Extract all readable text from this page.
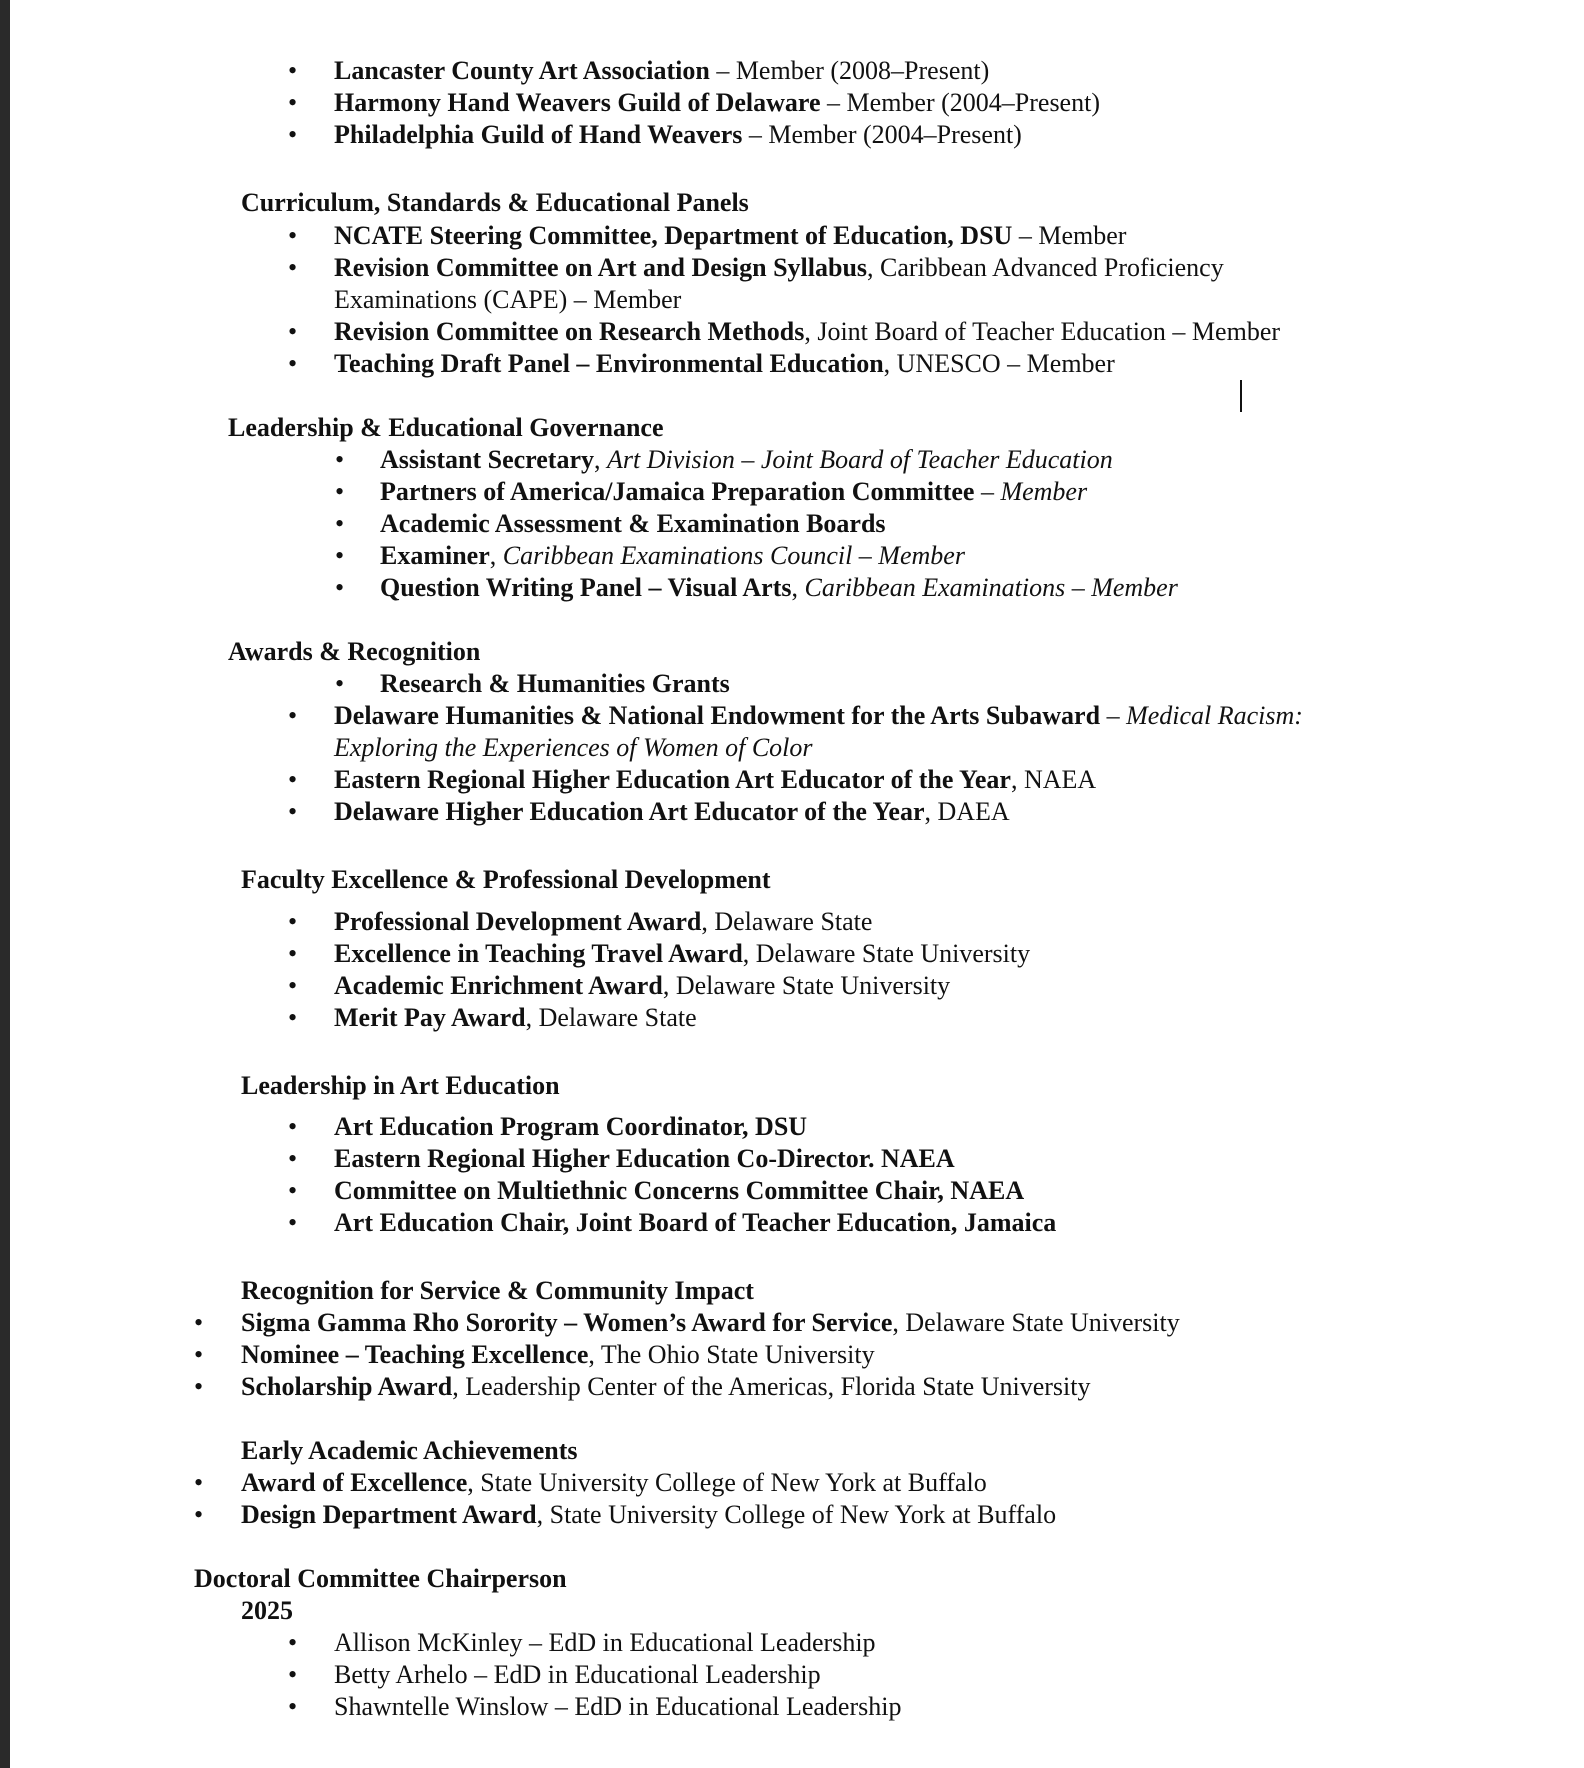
•
Lancaster County Art Association – Member (2008–Present)
•
Harmony Hand Weavers Guild of Delaware – Member (2004–Present)
•
Philadelphia Guild of Hand Weavers – Member (2004–Present)
Curriculum, Standards & Educational Panels
•
NCATE Steering Committee, Department of Education, DSU – Member
•
Revision Committee on Art and Design Syllabus, Caribbean Advanced Proficiency
Examinations (CAPE) – Member
•
Revision Committee on Research Methods, Joint Board of Teacher Education – Member
•
Teaching Draft Panel – Environmental Education, UNESCO – Member
Leadership & Educational Governance
•
Assistant Secretary, Art Division – Joint Board of Teacher Education
•
Partners of America/Jamaica Preparation Committee – Member
•
Academic Assessment & Examination Boards
•
Examiner, Caribbean Examinations Council – Member
•
Question Writing Panel – Visual Arts, Caribbean Examinations – Member
Awards & Recognition
•
Research & Humanities Grants
•
Delaware Humanities & National Endowment for the Arts Subaward – Medical Racism:
Exploring the Experiences of Women of Color
•
Eastern Regional Higher Education Art Educator of the Year, NAEA
•
Delaware Higher Education Art Educator of the Year, DAEA
Faculty Excellence & Professional Development
•
Professional Development Award, Delaware State
•
Excellence in Teaching Travel Award, Delaware State University
•
Academic Enrichment Award, Delaware State University
•
Merit Pay Award, Delaware State
Leadership in Art Education
•
Art Education Program Coordinator, DSU
•
Eastern Regional Higher Education Co-Director. NAEA
•
Committee on Multiethnic Concerns Committee Chair, NAEA
•
Art Education Chair, Joint Board of Teacher Education, Jamaica
Recognition for Service & Community Impact
•
Sigma Gamma Rho Sorority – Women’s Award for Service, Delaware State University
•
Nominee – Teaching Excellence, The Ohio State University
•
Scholarship Award, Leadership Center of the Americas, Florida State University
Early Academic Achievements
•
Award of Excellence, State University College of New York at Buffalo
•
Design Department Award, State University College of New York at Buffalo
Doctoral Committee Chairperson
2025
•
Allison McKinley – EdD in Educational Leadership
•
Betty Arhelo – EdD in Educational Leadership
•
Shawntelle Winslow – EdD in Educational Leadership
